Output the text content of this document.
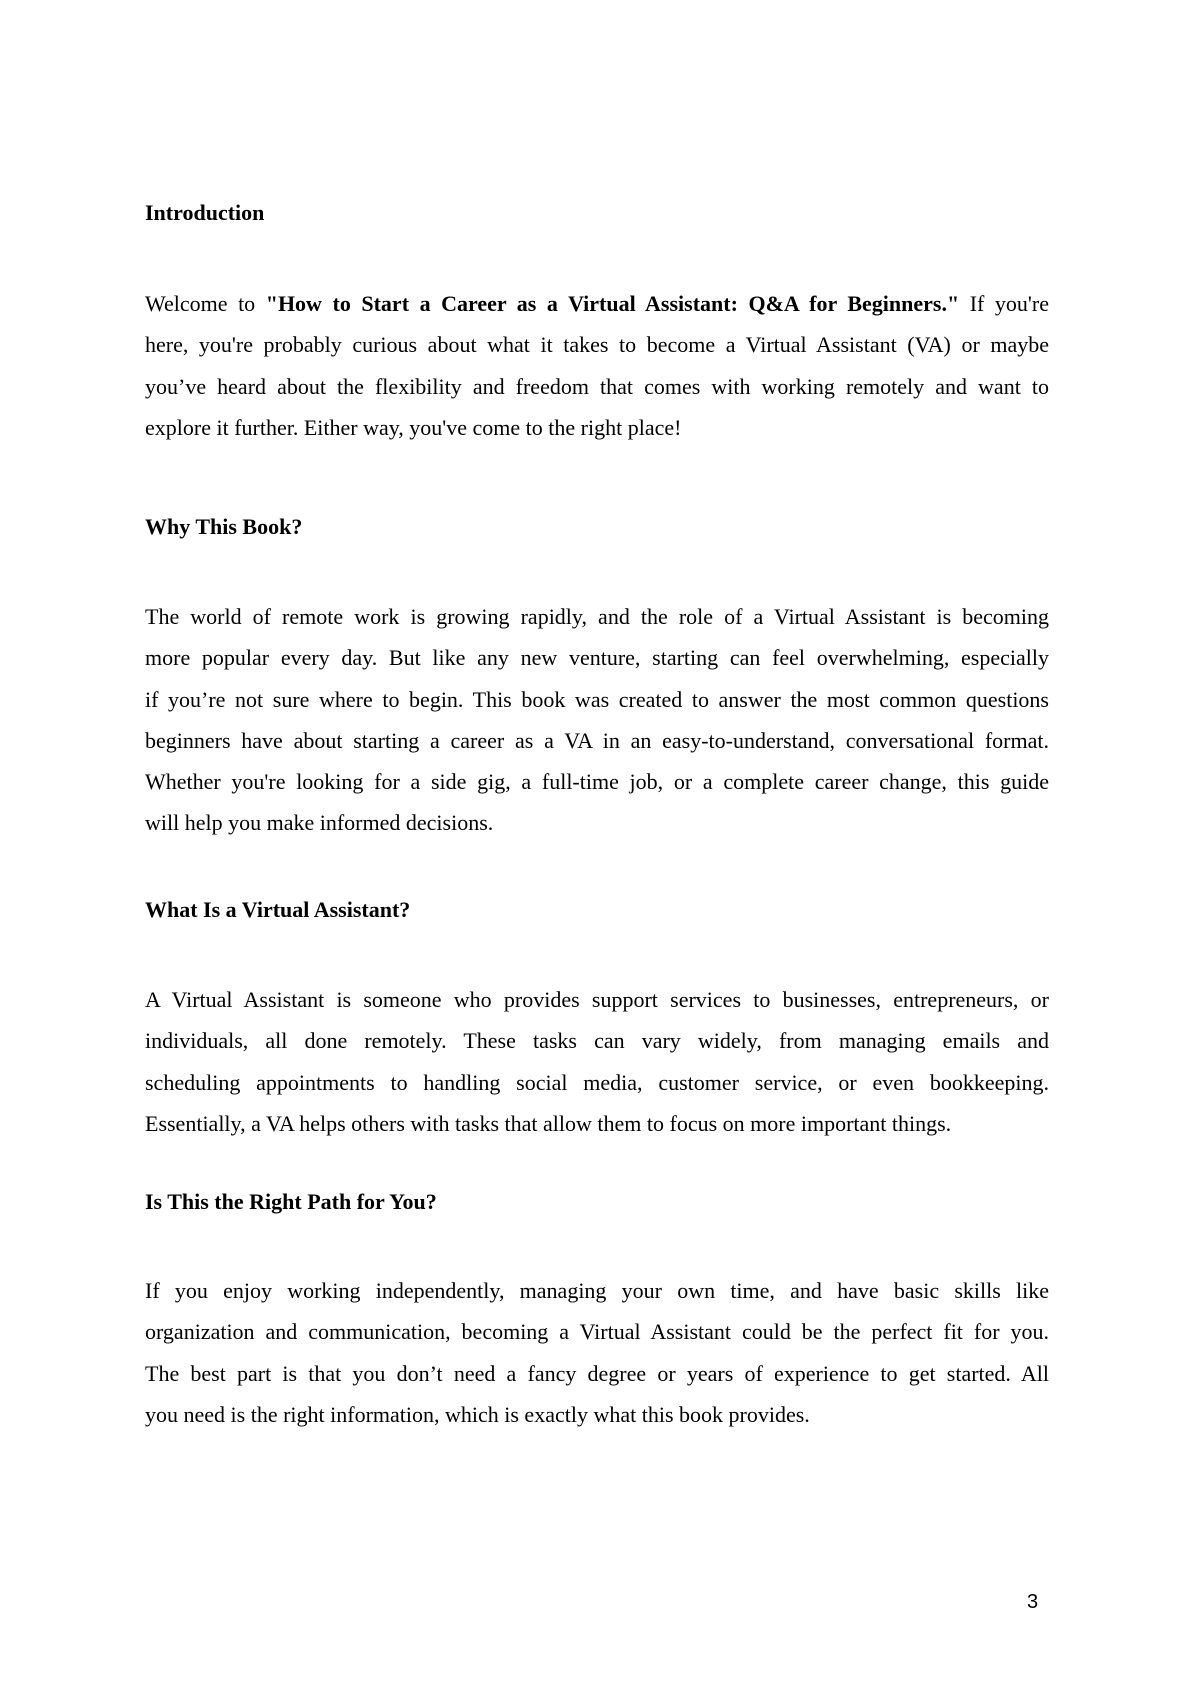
Introduction
Welcome to "How to Start a Career as a Virtual Assistant: Q&A for Beginners." If you're
here, you're probably curious about what it takes to become a Virtual Assistant (VA) or maybe
you’ve heard about the flexibility and freedom that comes with working remotely and want to
explore it further. Either way, you've come to the right place!
Why This Book?
The world of remote work is growing rapidly, and the role of a Virtual Assistant is becoming
more popular every day. But like any new venture, starting can feel overwhelming, especially
if you’re not sure where to begin. This book was created to answer the most common questions
beginners have about starting a career as a VA in an easy-to-understand, conversational format.
Whether you're looking for a side gig, a full-time job, or a complete career change, this guide
will help you make informed decisions.
What Is a Virtual Assistant?
A Virtual Assistant is someone who provides support services to businesses, entrepreneurs, or
individuals, all done remotely. These tasks can vary widely, from managing emails and
scheduling appointments to handling social media, customer service, or even bookkeeping.
Essentially, a VA helps others with tasks that allow them to focus on more important things.
Is This the Right Path for You?
If you enjoy working independently, managing your own time, and have basic skills like
organization and communication, becoming a Virtual Assistant could be the perfect fit for you.
The best part is that you don’t need a fancy degree or years of experience to get started. All
you need is the right information, which is exactly what this book provides.
3
